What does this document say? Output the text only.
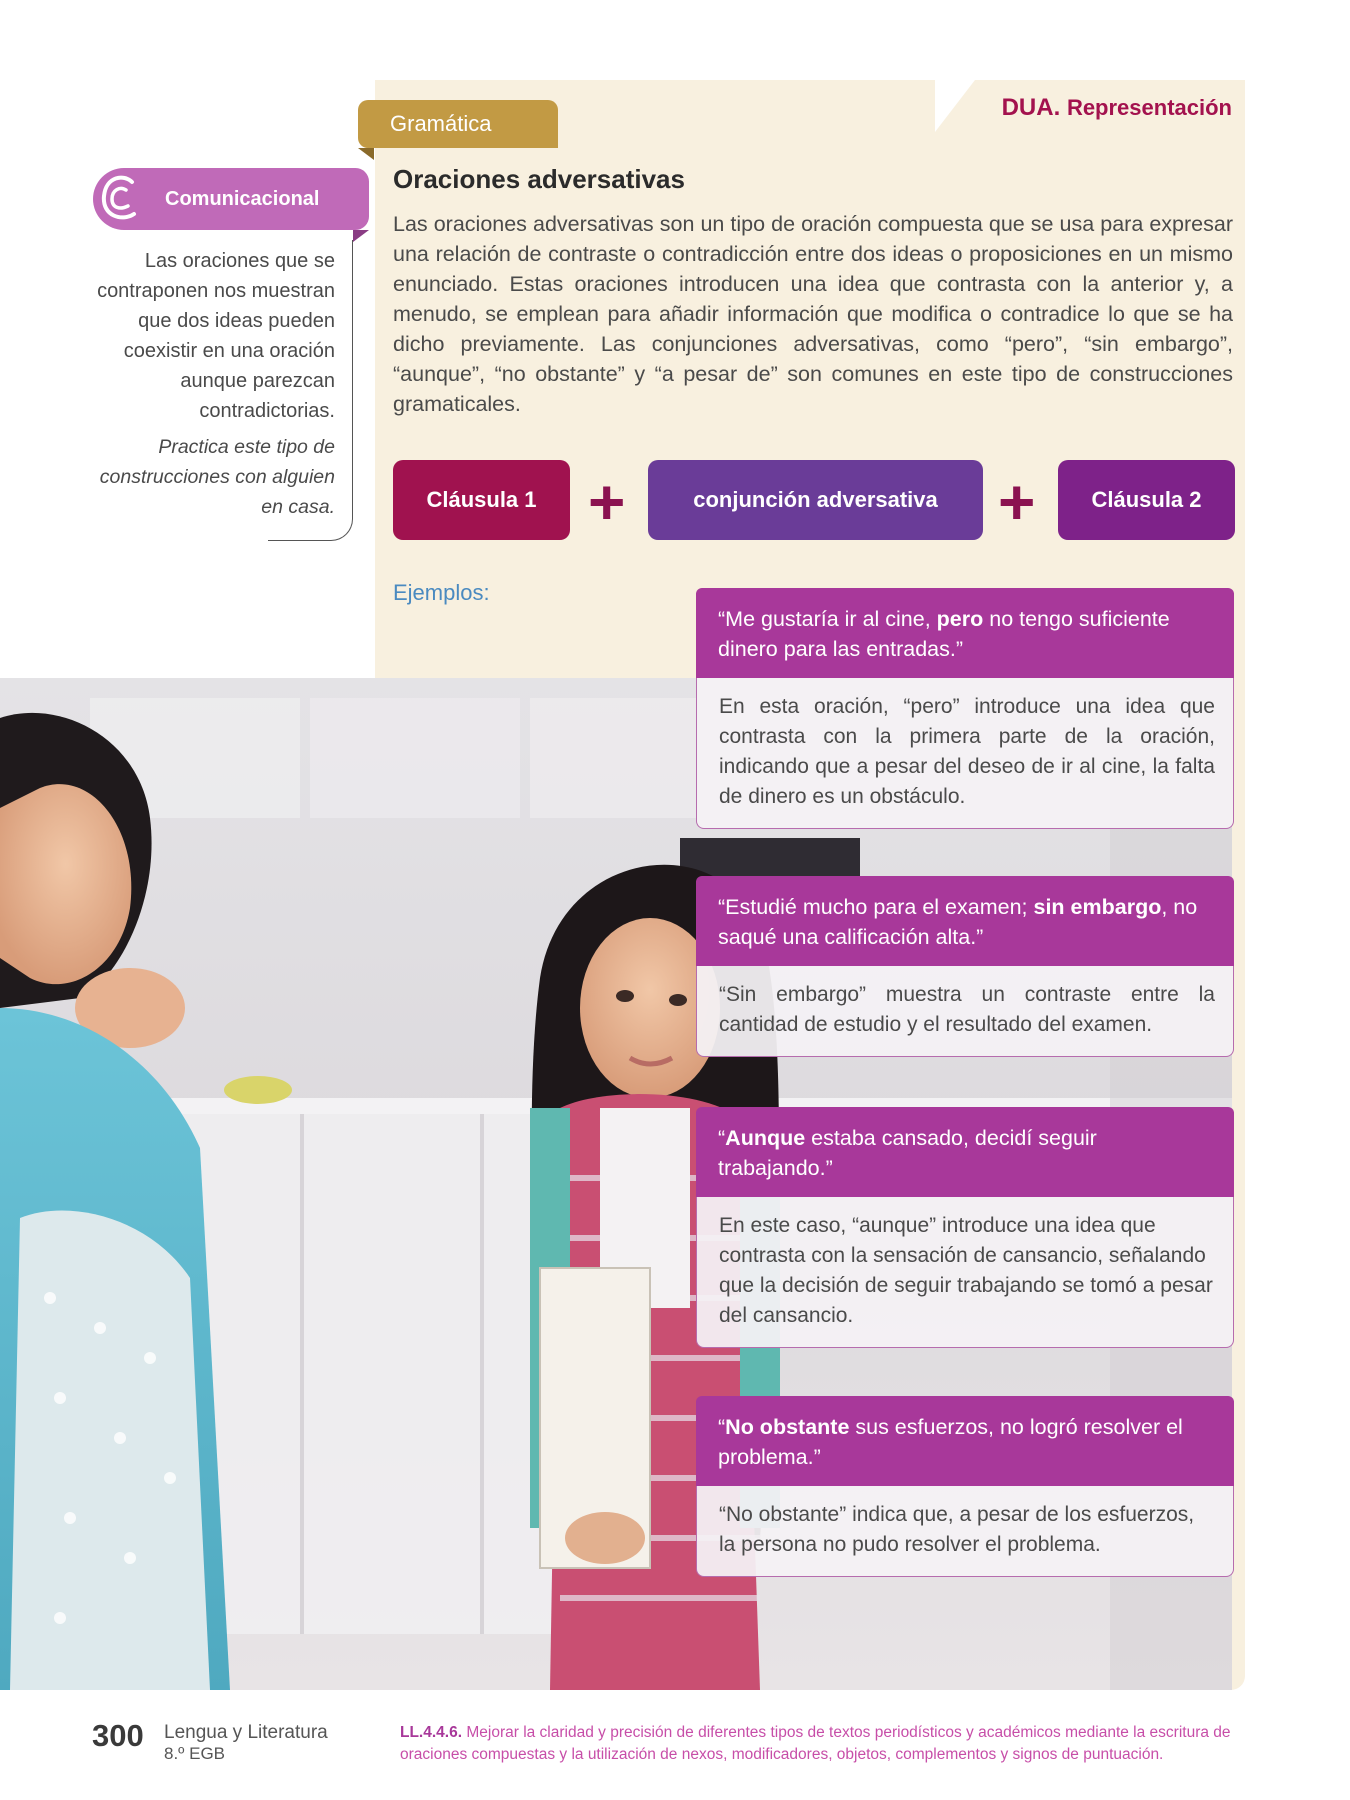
DUA. Representación
Gramática
Oraciones adversativas
Las oraciones adversativas son un tipo de oración compuesta que se usa para expresar una relación de contraste o contradicción entre dos ideas o proposiciones en un mismo enunciado. Estas oraciones introducen una idea que contrasta con la anterior y, a menudo, se emplean para añadir información que modifica o contradice lo que se ha dicho previamente. Las conjunciones adversativas, como “pero”, “sin embargo”, “aunque”, “no obstante” y “a pesar de” son comunes en este tipo de construcciones gramaticales.
Cláusula 1 +	conjunción adversativa +	Cláusula 2
Ejemplos:
Comunicacional
Las oraciones que se contraponen nos muestran que dos ideas pueden coexistir en una oración aunque parezcan contradictorias.
Practica este tipo de construcciones con alguien en casa.
“Me gustaría ir al cine, pero no tengo suficiente dinero para las entradas.”
En esta oración, “pero” introduce una idea que contrasta con la primera parte de la oración, indicando que a pesar del deseo de ir al cine, la falta de dinero es un obstáculo.
“Estudié mucho para el examen; sin embargo, no saqué una calificación alta.”
“Sin embargo” muestra un contraste entre la cantidad de estudio y el resultado del examen.
“Aunque estaba cansado, decidí seguir trabajando.”
En este caso, “aunque” introduce una idea que contrasta con la sensación de cansancio, señalando que la decisión de seguir trabajando se tomó a pesar del cansancio.
“No obstante sus esfuerzos, no logró resolver el problema.”
“No obstante” indica que, a pesar de los esfuerzos, la persona no pudo resolver el problema.
300 Lengua y Literatura
8.º EGB
LL.4.4.6. Mejorar la claridad y precisión de diferentes tipos de textos periodísticos y académicos mediante la escritura de oraciones compuestas y la utilización de nexos, modificadores, objetos, complementos y signos de puntuación.
